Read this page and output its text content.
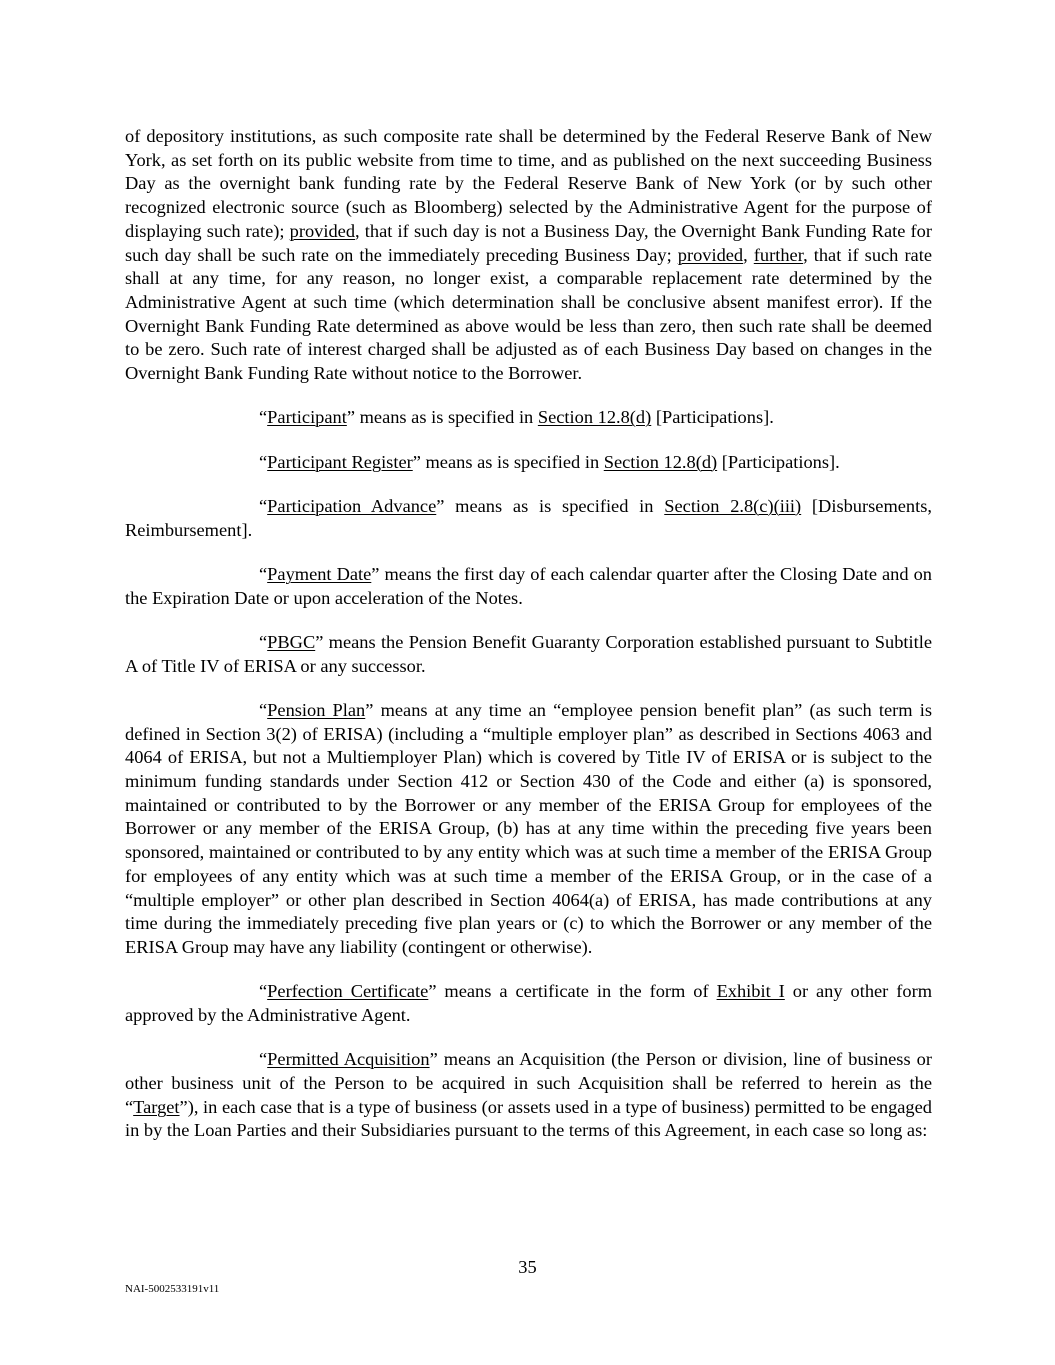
of depository institutions, as such composite rate shall be determined by the Federal Reserve Bank of New York, as set forth on its public website from time to time, and as published on the next succeeding Business Day as the overnight bank funding rate by the Federal Reserve Bank of New York (or by such other recognized electronic source (such as Bloomberg) selected by the Administrative Agent for the purpose of displaying such rate); provided, that if such day is not a Business Day, the Overnight Bank Funding Rate for such day shall be such rate on the immediately preceding Business Day; provided, further, that if such rate shall at any time, for any reason, no longer exist, a comparable replacement rate determined by the Administrative Agent at such time (which determination shall be conclusive absent manifest error). If the Overnight Bank Funding Rate determined as above would be less than zero, then such rate shall be deemed to be zero. Such rate of interest charged shall be adjusted as of each Business Day based on changes in the Overnight Bank Funding Rate without notice to the Borrower.

“Participant” means as is specified in Section 12.8(d) [Participations].

“Participant Register” means as is specified in Section 12.8(d) [Participations].

“Participation Advance” means as is specified in Section 2.8(c)(iii) [Disbursements, Reimbursement].

“Payment Date” means the first day of each calendar quarter after the Closing Date and on the Expiration Date or upon acceleration of the Notes.

“PBGC” means the Pension Benefit Guaranty Corporation established pursuant to Subtitle A of Title IV of ERISA or any successor.

“Pension Plan” means at any time an “employee pension benefit plan” (as such term is defined in Section 3(2) of ERISA) (including a “multiple employer plan” as described in Sections 4063 and 4064 of ERISA, but not a Multiemployer Plan) which is covered by Title IV of ERISA or is subject to the minimum funding standards under Section 412 or Section 430 of the Code and either (a) is sponsored, maintained or contributed to by the Borrower or any member of the ERISA Group for employees of the Borrower or any member of the ERISA Group, (b) has at any time within the preceding five years been sponsored, maintained or contributed to by any entity which was at such time a member of the ERISA Group for employees of any entity which was at such time a member of the ERISA Group, or in the case of a “multiple employer” or other plan described in Section 4064(a) of ERISA, has made contributions at any time during the immediately preceding five plan years or (c) to which the Borrower or any member of the ERISA Group may have any liability (contingent or otherwise).

“Perfection Certificate” means a certificate in the form of Exhibit I or any other form approved by the Administrative Agent.

“Permitted Acquisition” means an Acquisition (the Person or division, line of business or other business unit of the Person to be acquired in such Acquisition shall be referred to herein as the “Target”), in each case that is a type of business (or assets used in a type of business) permitted to be engaged in by the Loan Parties and their Subsidiaries pursuant to the terms of this Agreement, in each case so long as:

35
NAI-5002533191v11
